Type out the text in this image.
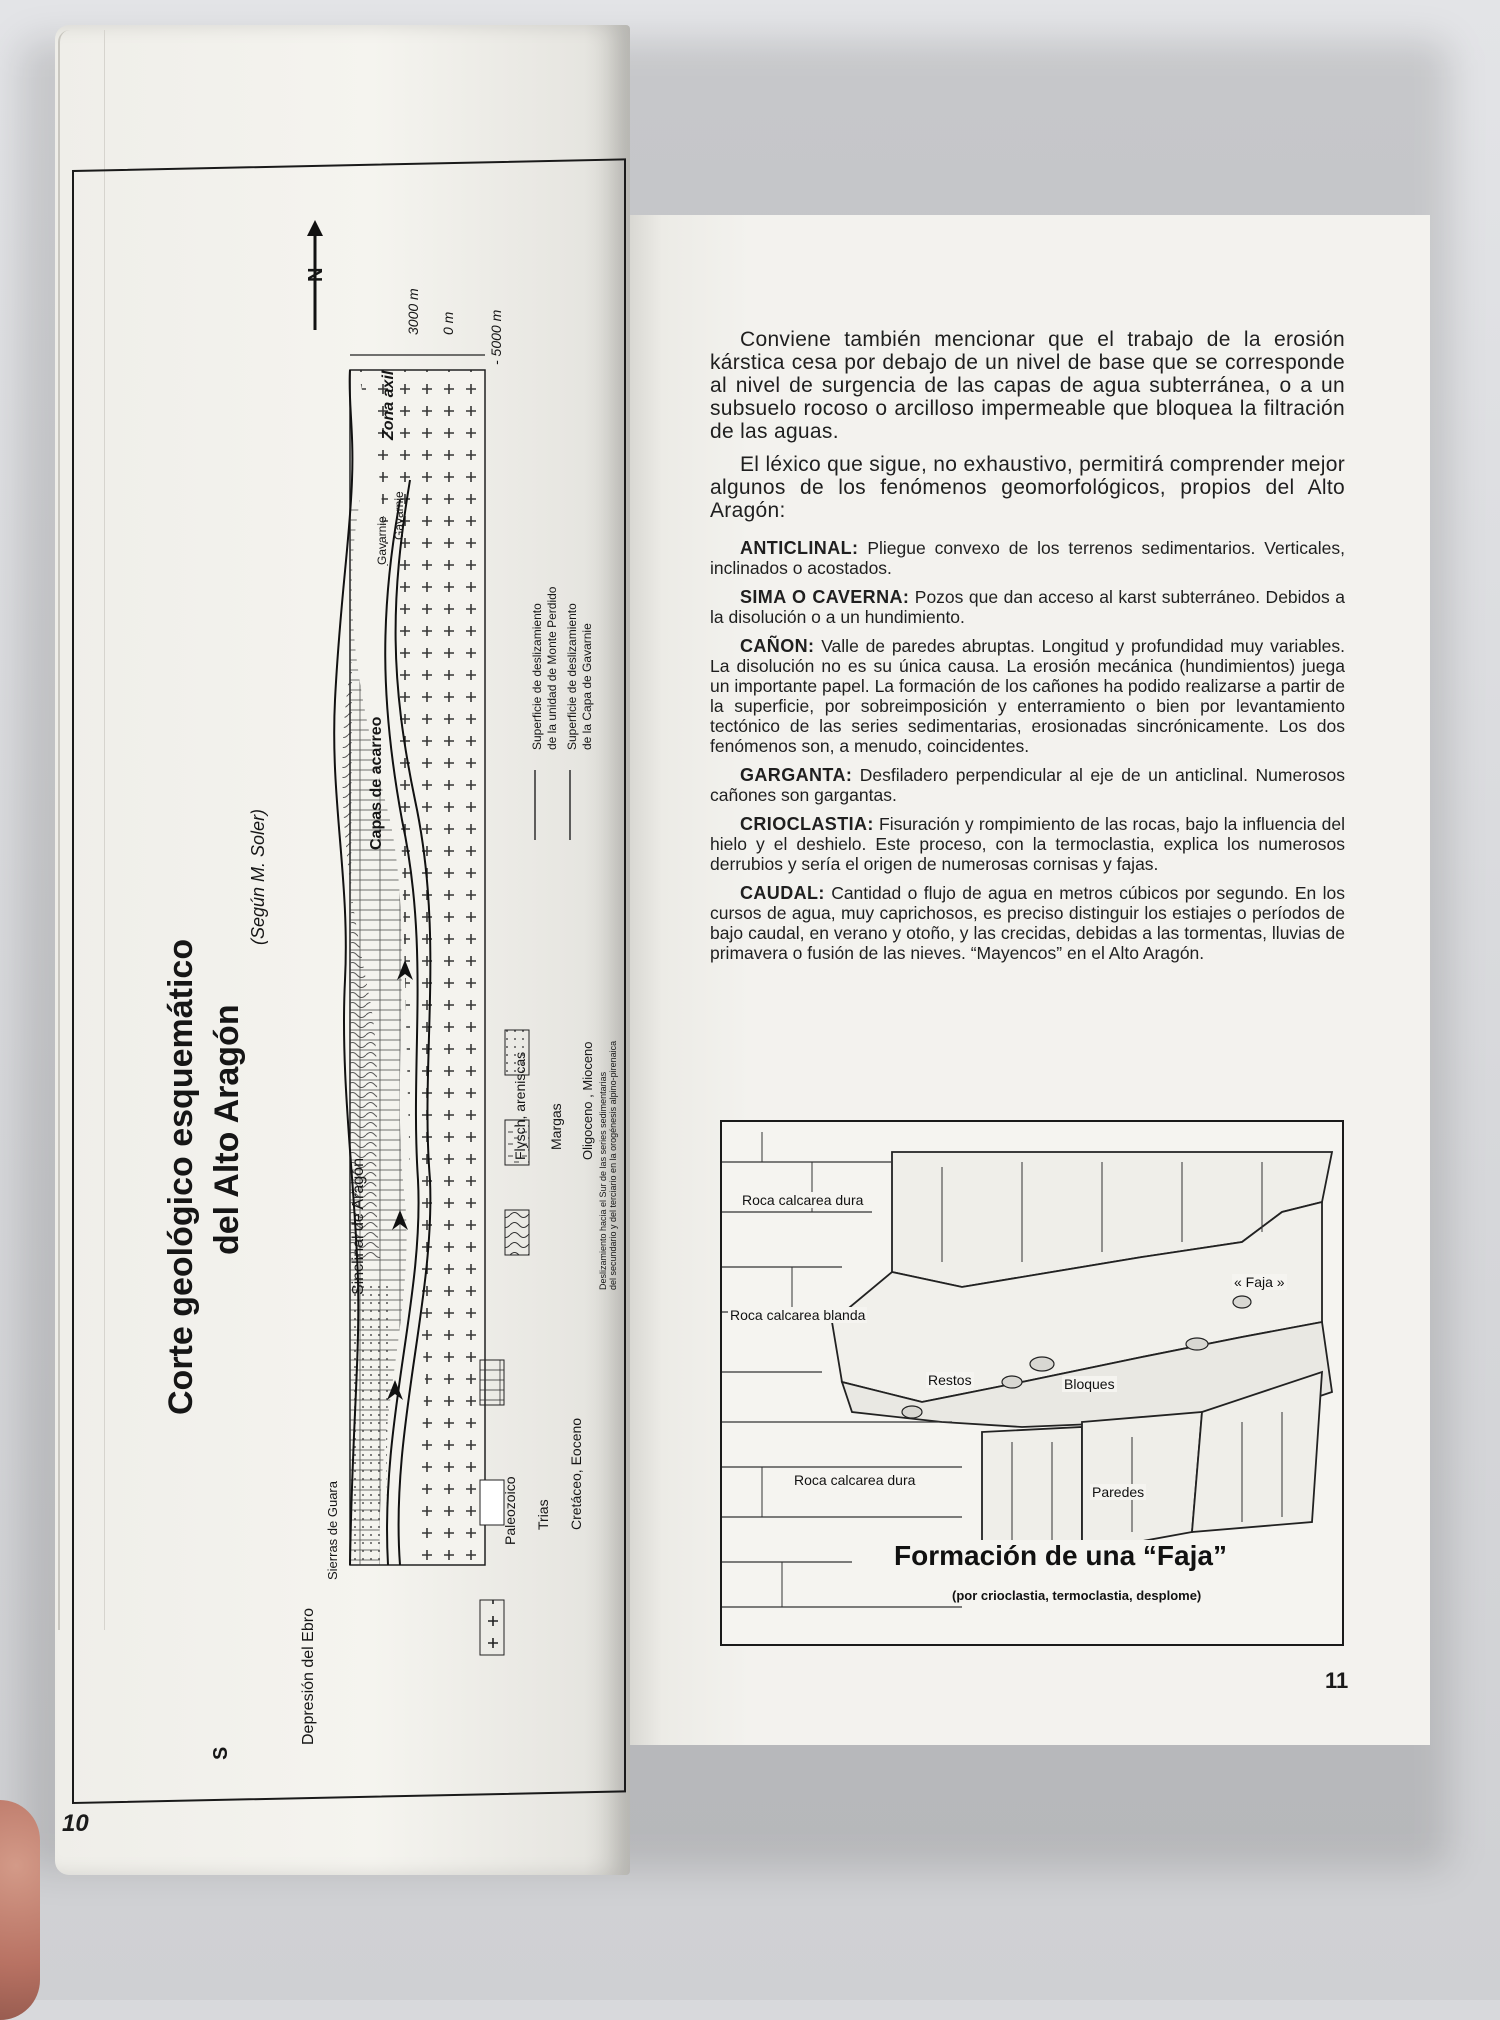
Corte geológico esquemático del Alto Aragón
(Según M. Soler)
S
N
Depresión del Ebro
Sierras de Guara
Sinclinal de Aragón
Capas de acarreo
Gavarnie
Gavarnie
Zona axil
3000 m 0 m - 5000 m
Paleozoico Trias Cretáceo, Eoceno
Flysch, areniscas Margas Oligoceno , Mioceno Deslizamiento hacia el Sur de las series sedimentarias del secundario y del terciario en la orogénesis alpino-pirenaica
Superficie de deslizamiento de la unidad de Monte Perdido Superficie de deslizamiento de la Capa de Gavarnie
10

Conviene también mencionar que el trabajo de la erosión kárstica cesa por debajo de un nivel de base que se corresponde al nivel de surgencia de las capas de agua subterránea, o a un subsuelo rocoso o arcilloso impermeable que bloquea la filtración de las aguas.

El léxico que sigue, no exhaustivo, permitirá comprender mejor algunos de los fenómenos geomorfológicos, propios del Alto Aragón:

ANTICLINAL: Pliegue convexo de los terrenos sedimentarios. Verticales, inclinados o acostados.

SIMA O CAVERNA: Pozos que dan acceso al karst subterráneo. Debidos a la disolución o a un hundimiento.

CAÑON: Valle de paredes abruptas. Longitud y profundidad muy variables. La disolución no es su única causa. La erosión mecánica (hundimientos) juega un importante papel. La formación de los cañones ha podido realizarse a partir de la superficie, por sobreimposición y enterramiento o bien por levantamiento tectónico de las series sedimentarias, erosionadas sincrónicamente. Los dos fenómenos son, a menudo, coincidentes.

GARGANTA: Desfiladero perpendicular al eje de un anticlinal. Numerosos cañones son gargantas.

CRIOCLASTIA: Fisuración y rompimiento de las rocas, bajo la influencia del hielo y el deshielo. Este proceso, con la termoclastia, explica los numerosos derrubios y sería el origen de numerosas cornisas y fajas.

CAUDAL: Cantidad o flujo de agua en metros cúbicos por segundo. En los cursos de agua, muy caprichosos, es preciso distinguir los estiajes o períodos de bajo caudal, en verano y otoño, y las crecidas, debidas a las tormentas, lluvias de primavera o fusión de las nieves. “Mayencos” en el Alto Aragón.

Roca calcarea dura
Roca calcarea blanda
« Faja »
Restos	Bloques
Roca calcarea dura
Paredes
Formación de una “Faja”
(por crioclastia, termoclastia, desplome)
11
